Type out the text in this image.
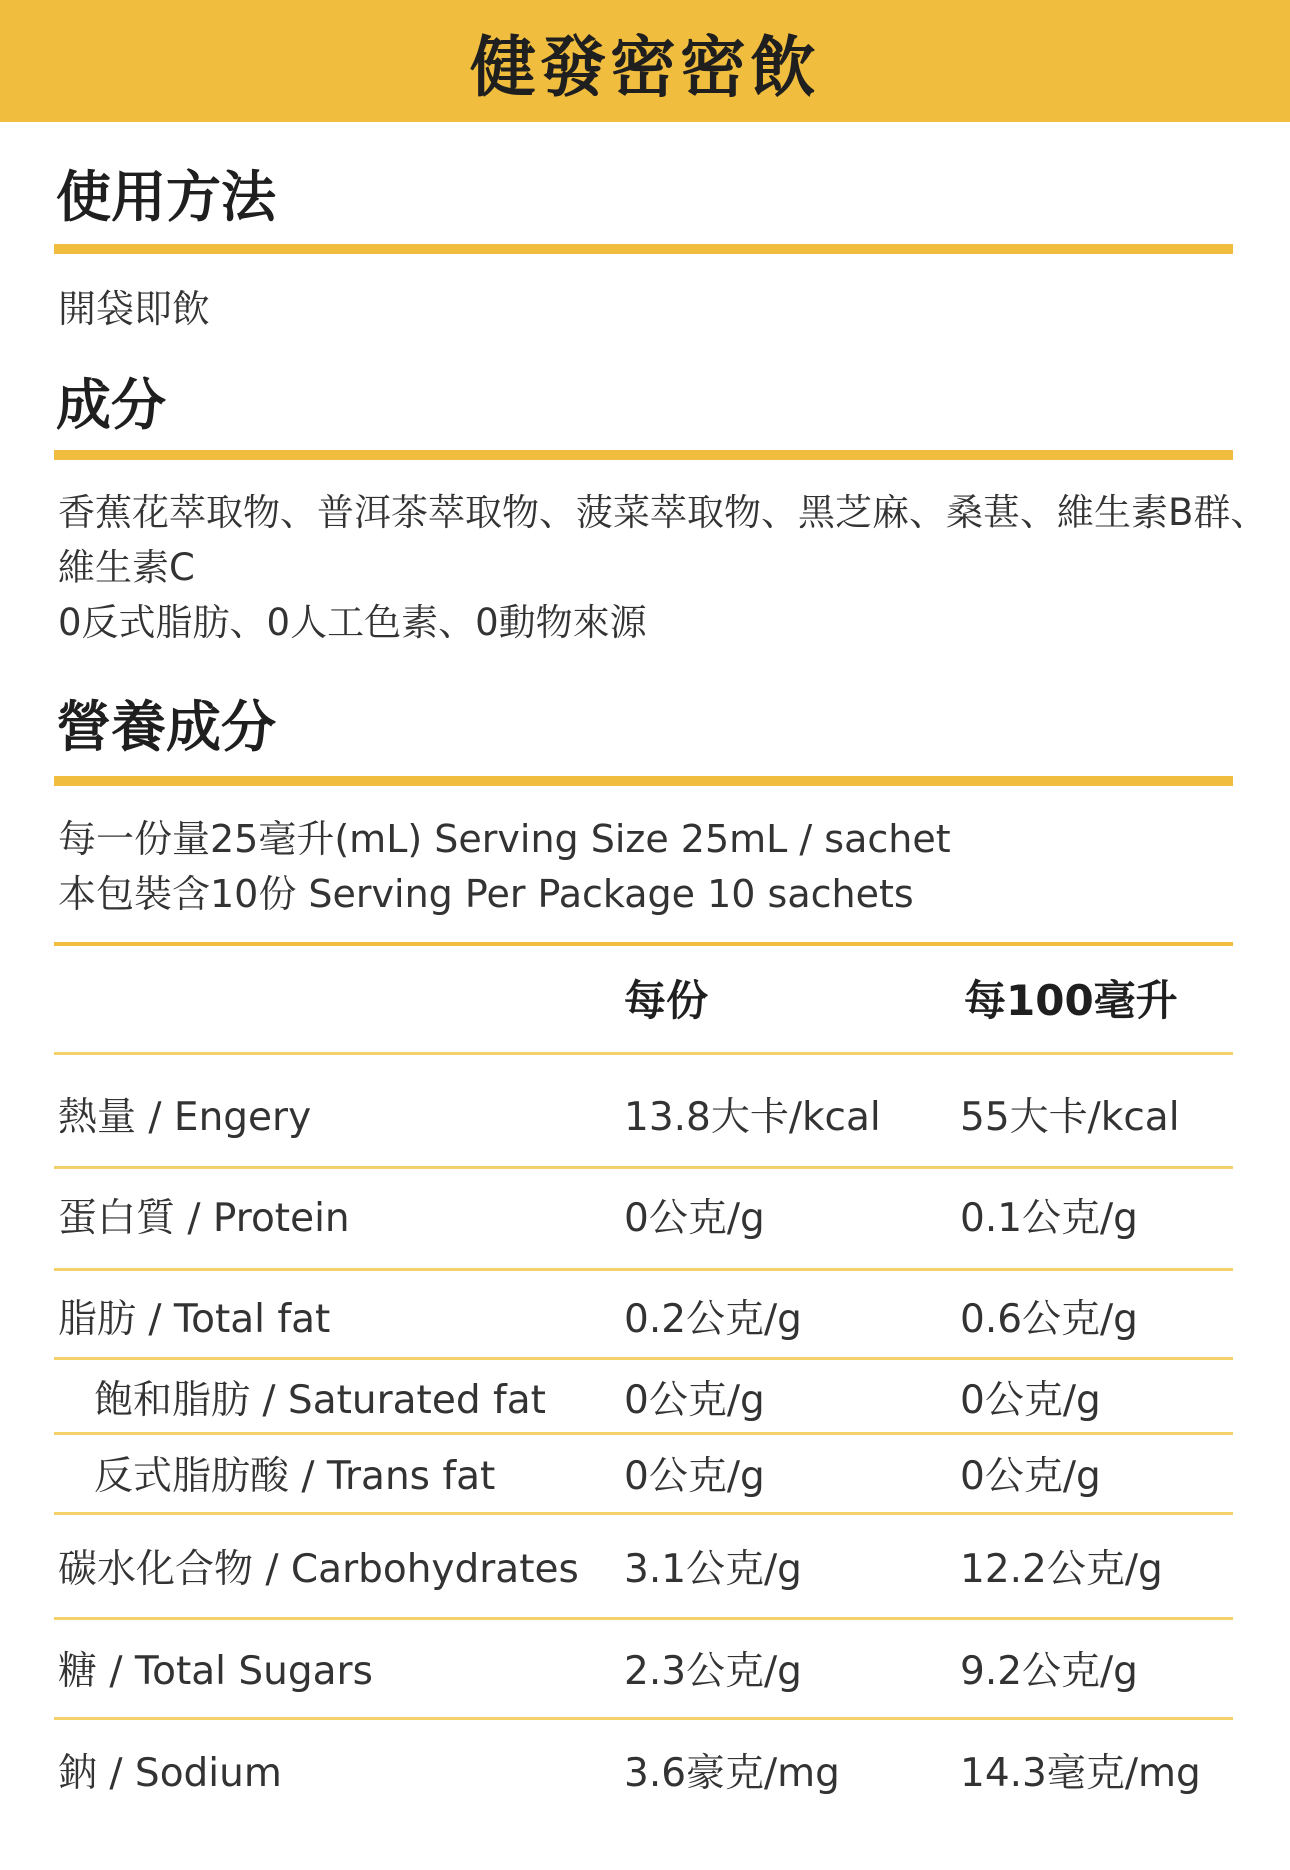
健發密密飲
使用方法
開袋即飲
成分
香蕉花萃取物、普洱茶萃取物、菠菜萃取物、黑芝麻、桑葚、維生素B群、
維生素C
0反式脂肪、0人工色素、0動物來源
營養成分
每一份量25毫升(mL) Serving Size 25mL / sachet
本包裝含10份 Serving Per Package 10 sachets
每份	每100毫升
熱量 / Engery	13.8大卡/kcal 55大卡/kcal
蛋白質 / Protein	0公克/g	0.1公克/g
脂肪 / Total fat	0.2公克/g	0.6公克/g
飽和脂肪 / Saturated fat 0公克/g	0公克/g
反式脂肪酸 / Trans fat	0公克/g	0公克/g
碳水化合物 / Carbohydrates 3.1公克/g	12.2公克/g
糖 / Total Sugars	2.3公克/g	9.2公克/g
鈉 / Sodium	3.6豪克/mg	14.3毫克/mg
